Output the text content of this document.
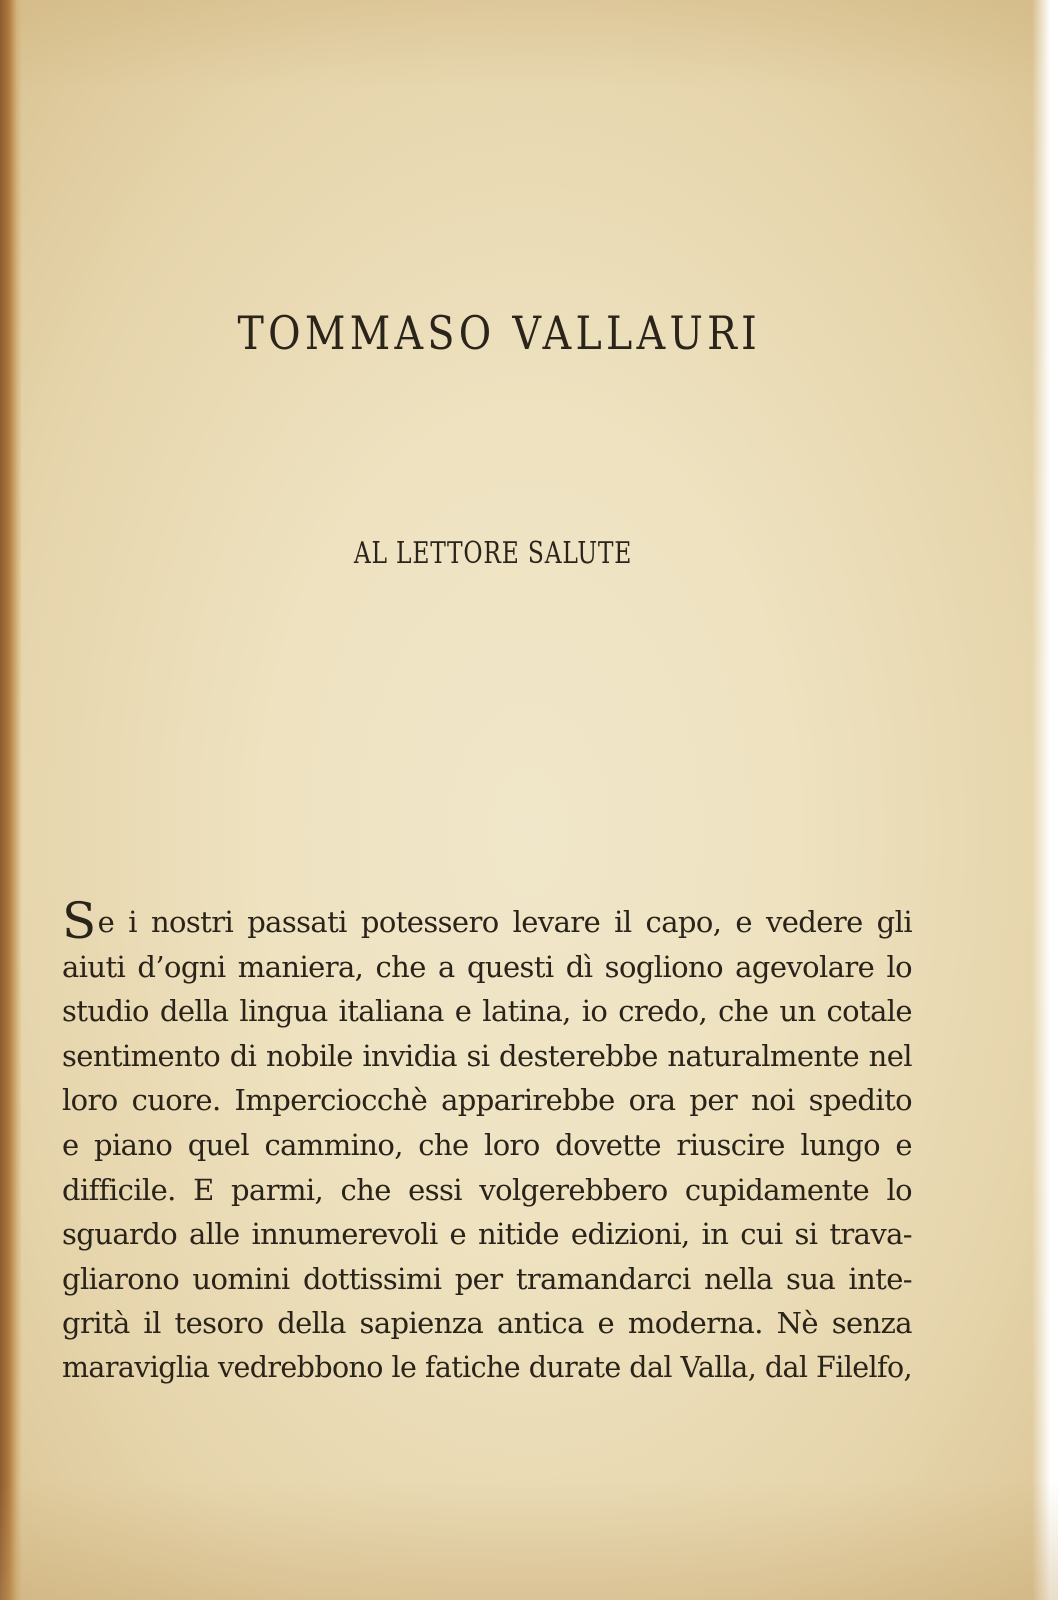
TOMMASO VALLAURI
AL LETTORE SALUTE
Se i nostri passati potessero levare il capo, e vedere gli
aiuti d’ogni maniera, che a questi dì sogliono agevolare lo
studio della lingua italiana e latina, io credo, che un cotale
sentimento di nobile invidia si desterebbe naturalmente nel
loro cuore. Imperciocchè apparirebbe ora per noi spedito
e piano quel cammino, che loro dovette riuscire lungo e
difficile. E parmi, che essi volgerebbero cupidamente lo
sguardo alle innumerevoli e nitide edizioni, in cui si trava-
gliarono uomini dottissimi per tramandarci nella sua inte-
grità il tesoro della sapienza antica e moderna. Nè senza
maraviglia vedrebbono le fatiche durate dal Valla, dal Filelfo,
